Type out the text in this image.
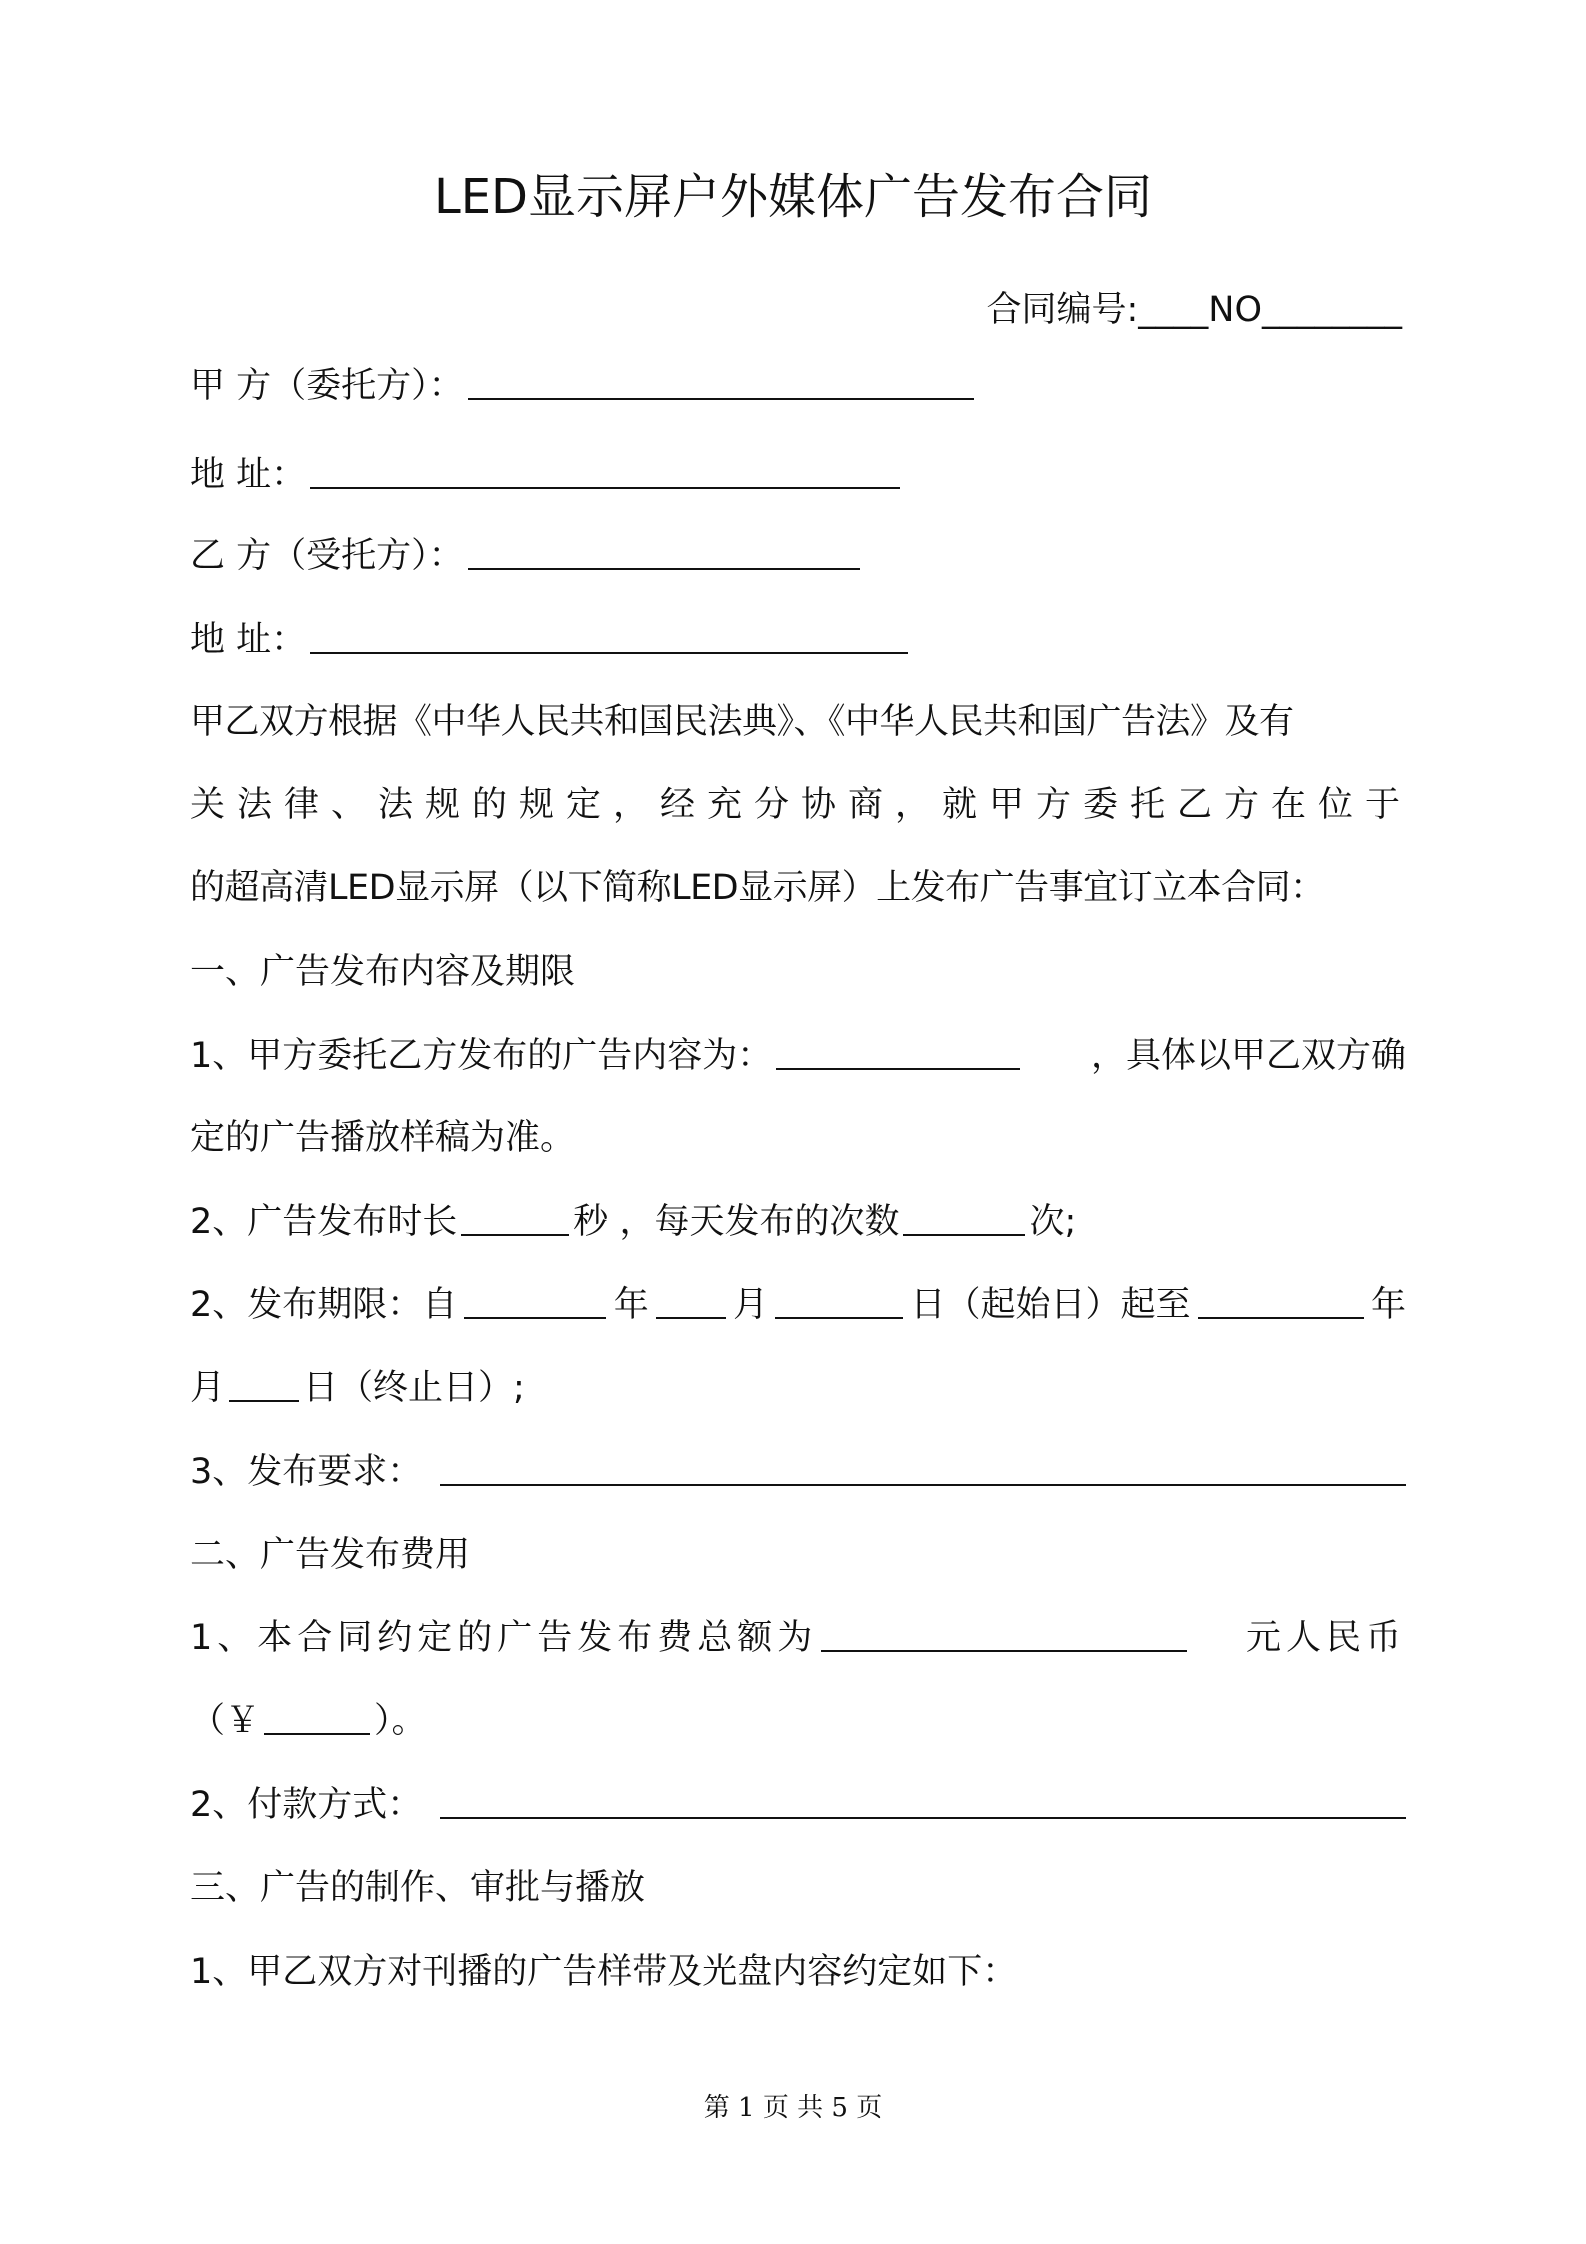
LED显示屏户外媒体广告发布合同
合同编号:____NO________
甲 方（委托方）：
地 址：
乙 方（受托方）：
地 址：
甲乙双方根据《中华人民共和国民法典》、《中华人民共和国广告法》及有
关法律、法规的规定，经充分协商，就甲方委托乙方在位于
的超高清LED显示屏（以下简称LED显示屏）上发布广告事宜订立本合同：
一、广告发布内容及期限
1、甲方委托乙方发布的广告内容为：	，具体以甲乙双方确
定的广告播放样稿为准。
2、广告发布时长	秒 ，每天发布的次数	次;
2、发布期限：自	年 月	日（起始日）起至	年
月 日（终止日）;
3、发布要求：
二、广告发布费用
1、本合同约定的广告发布费总额为	元人民币
（￥	）。
2、付款方式：
三、广告的制作、审批与播放
1、甲乙双方对刊播的广告样带及光盘内容约定如下：
第 1 页 共 5 页
